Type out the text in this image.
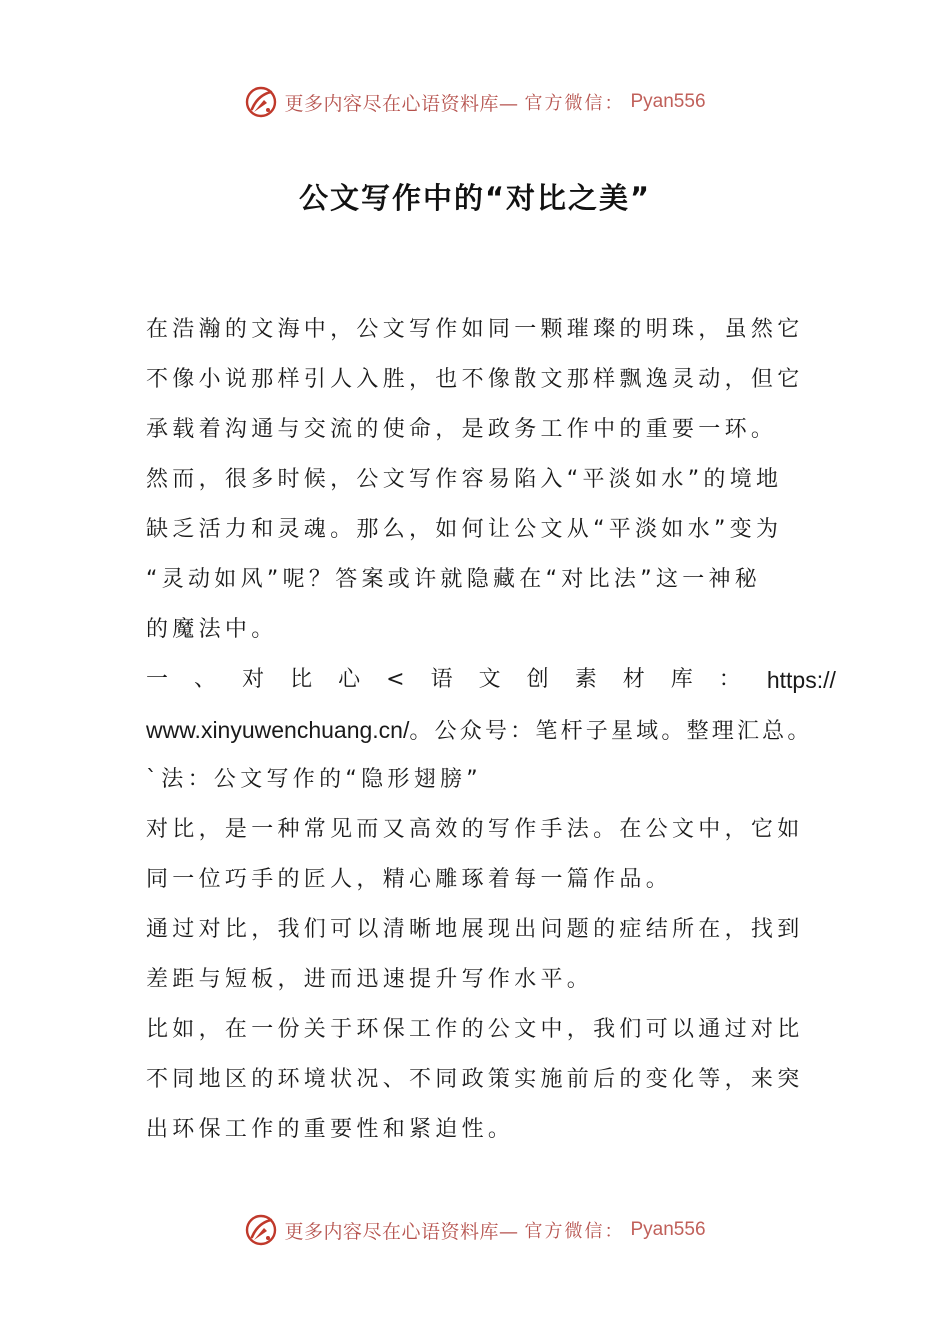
更多内容尽在心语资料库— 官方微信： Pyan556
公文写作中的“对比之美”
在浩瀚的文海中，公文写作如同一颗璀璨的明珠，虽然它
不像小说那样引人入胜，也不像散文那样飘逸灵动，但它
承载着沟通与交流的使命，是政务工作中的重要一环。
然而，很多时候，公文写作容易陷入“平淡如水”的境地
缺乏活力和灵魂。那么，如何让公文从“平淡如水”变为
“灵动如风”呢？答案或许就隐藏在“对比法”这一神秘
的魔法中。
一 、 对 比 心 < 语 文 创 素 材 库 ： https://
www.xinyuwenchuang.cn/。公众号：笔杆子星域。整理汇总。
`法：公文写作的“隐形翅膀”
对比，是一种常见而又高效的写作手法。在公文中，它如
同一位巧手的匠人，精心雕琢着每一篇作品。
通过对比，我们可以清晰地展现出问题的症结所在，找到
差距与短板，进而迅速提升写作水平。
比如，在一份关于环保工作的公文中，我们可以通过对比
不同地区的环境状况、不同政策实施前后的变化等，来突
出环保工作的重要性和紧迫性。
更多内容尽在心语资料库— 官方微信： Pyan556
